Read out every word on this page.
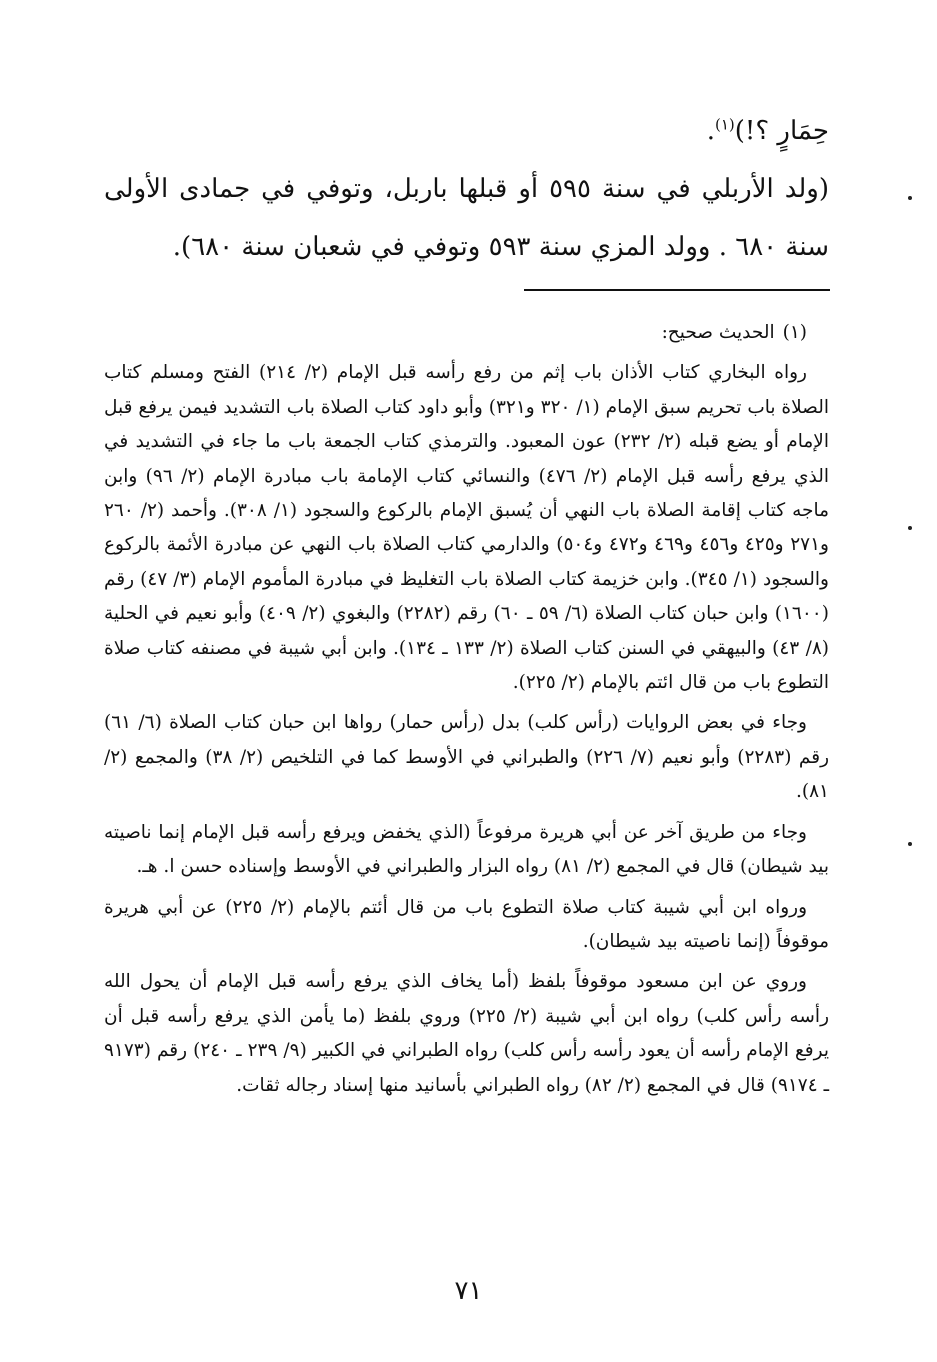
حِمَارٍ ؟!)$^{(١)}$.
(ولد الأربلي في سنة ٥٩٥ أو قبلها باربل، وتوفي في جمادى الأولى سنة ٦٨٠ . وولد المزي سنة ٥٩٣ وتوفي في شعبان سنة ٦٨٠).

(١)الحديث صحيح:

رواه البخاري كتاب الأذان باب إثم من رفع رأسه قبل الإمام (٢/ ٢١٤) الفتح ومسلم كتاب الصلاة باب تحريم سبق الإمام (١/ ٣٢٠ و٣٢١) وأبو داود كتاب الصلاة باب التشديد فيمن يرفع قبل الإمام أو يضع قبله (٢/ ٢٣٢) عون المعبود. والترمذي كتاب الجمعة باب ما جاء في التشديد في الذي يرفع رأسه قبل الإمام (٢/ ٤٧٦) والنسائي كتاب الإمامة باب مبادرة الإمام (٢/ ٩٦) وابن ماجه كتاب إقامة الصلاة باب النهي أن يُسبق الإمام بالركوع والسجود (١/ ٣٠٨). وأحمد (٢/ ٢٦٠ و٢٧١ و٤٢٥ و٤٥٦ و٤٦٩ و٤٧٢ و٥٠٤) والدارمي كتاب الصلاة باب النهي عن مبادرة الأئمة بالركوع والسجود (١/ ٣٤٥). وابن خزيمة كتاب الصلاة باب التغليظ في مبادرة المأموم الإمام (٣/ ٤٧) رقم (١٦٠٠) وابن حبان كتاب الصلاة (٦/ ٥٩ ـ ٦٠) رقم (٢٢٨٢) والبغوي (٢/ ٤٠٩) وأبو نعيم في الحلية (٨/ ٤٣) والبيهقي في السنن كتاب الصلاة (٢/ ١٣٣ ـ ١٣٤). وابن أبي شيبة في مصنفه كتاب صلاة التطوع باب من قال ائتم بالإمام (٢/ ٢٢٥).

وجاء في بعض الروايات (رأس كلب) بدل (رأس حمار) رواها ابن حبان كتاب الصلاة (٦/ ٦١) رقم (٢٢٨٣) وأبو نعيم (٧/ ٢٢٦) والطبراني في الأوسط كما في التلخيص (٢/ ٣٨) والمجمع (٢/ ٨١).

وجاء من طريق آخر عن أبي هريرة مرفوعاً (الذي يخفض ويرفع رأسه قبل الإمام إنما ناصيته بيد شيطان) قال في المجمع (٢/ ٨١) رواه البزار والطبراني في الأوسط وإسناده حسن ا. هـ.

ورواه ابن أبي شيبة كتاب صلاة التطوع باب من قال أئتم بالإمام (٢/ ٢٢٥) عن أبي هريرة موقوفاً (إنما ناصيته بيد شيطان).

وروي عن ابن مسعود موقوفاً بلفظ (أما يخاف الذي يرفع رأسه قبل الإمام أن يحول الله رأسه رأس كلب) رواه ابن أبي شيبة (٢/ ٢٢٥) وروي بلفظ (ما يأمن الذي يرفع رأسه قبل أن يرفع الإمام رأسه أن يعود رأسه رأس كلب) رواه الطبراني في الكبير (٩/ ٢٣٩ ـ ٢٤٠) رقم (٩١٧٣ ـ ٩١٧٤) قال في المجمع (٢/ ٨٢) رواه الطبراني بأسانيد منها إسناد رجاله ثقات.

٧١
